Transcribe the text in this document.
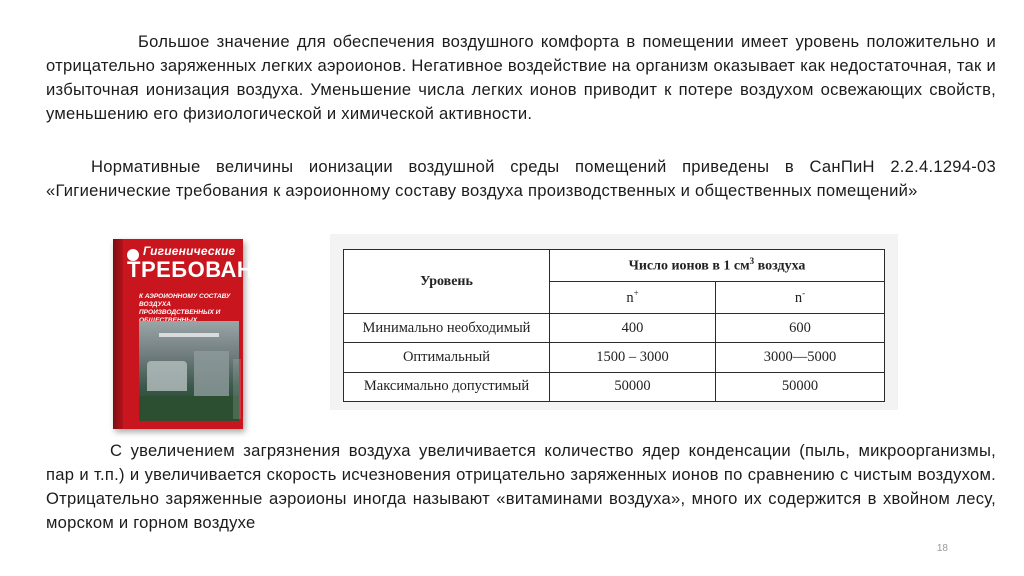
Большое значение для обеспечения воздушного комфорта в помещении имеет уровень положительно и отрицательно заряженных легких аэроионов. Негативное воздействие на организм оказывает как недостаточная, так и избыточная ионизация воздуха. Уменьшение числа легких ионов приводит к потере воздухом освежающих свойств, уменьшению его физиологической и химической активности.

Нормативные величины ионизации воздушной среды помещений приведены в СанПиН 2.2.4.1294-03 «Гигиенические требования к аэроионному составу воздуха производственных и общественных помещений»

Гигиенические
ТРЕБОВАНИЯ
К АЭРОИОННОМУ СОСТАВУ ВОЗДУХА ПРОИЗВОДСТВЕННЫХ И
Уровень	Число ионов в 1 $см^3$ воздуха	
	n+	n-
Минимально необходимый	400	600
Оптимальный	1500 – 3000	3000—5000
Максимально допустимый	50000	50000

С увеличением загрязнения воздуха увеличивается количество ядер конденсации (пыль, микроорганизмы, пар и т.п.) и увеличивается скорость исчезновения отрицательно заряженных ионов по сравнению с чистым воздухом. Отрицательно заряженные аэроионы иногда называют «витаминами воздуха», много их содержится в хвойном лесу, морском и горном воздухе

18
